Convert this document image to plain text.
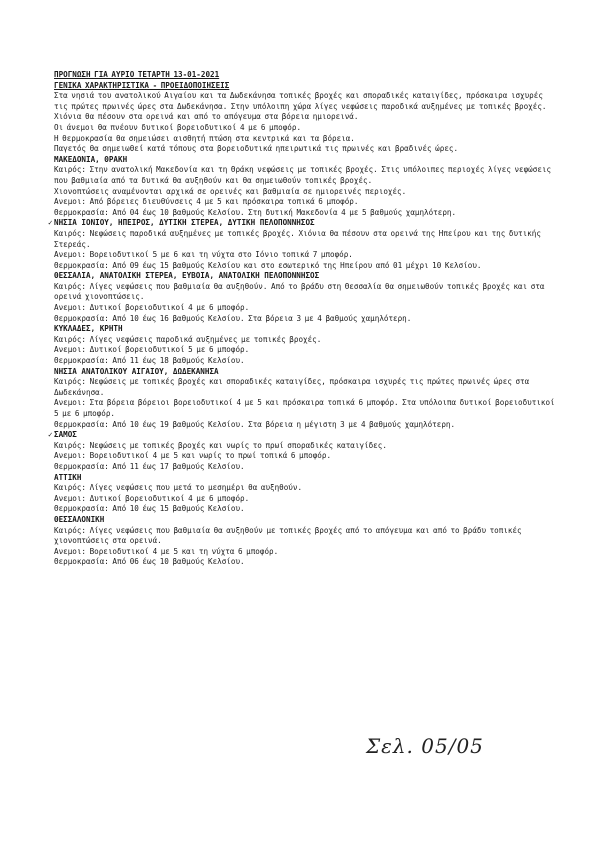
ΠΡΟΓΝΩΣΗ ΓΙΑ ΑΥΡΙΟ ΤΕΤΑΡΤΗ 13-01-2021
ΓΕΝΙΚΑ ΧΑΡΑΚΤΗΡΙΣΤΙΚΑ - ΠΡΟΕΙΔΟΠΟΙΗΣΕΙΣ
Στα νησιά του ανατολικού Αιγαίου και τα Δωδεκάνησα τοπικές βροχές και σποραδικές καταιγίδες, πρόσκαιρα ισχυρές τις πρώτες πρωινές ώρες στα Δωδεκάνησα. Στην υπόλοιπη χώρα λίγες νεφώσεις παροδικά αυξημένες με τοπικές βροχές.
Χιόνια θα πέσουν στα ορεινά και από το απόγευμα στα βόρεια ημιορεινά.
Οι άνεμοι θα πνέουν δυτικοί βορειοδυτικοί 4 με 6 μποφόρ.
Η θερμοκρασία θα σημειώσει αισθητή πτώση στα κεντρικά και τα βόρεια.
Παγετός θα σημειωθεί κατά τόπους στα βορειοδυτικά ηπειρωτικά τις πρωινές και βραδινές ώρες.
ΜΑΚΕΔΟΝΙΑ, ΘΡΑΚΗ
Καιρός: Στην ανατολική Μακεδονία και τη Θράκη νεφώσεις με τοπικές βροχές. Στις υπόλοιπες περιοχές λίγες νεφώσεις που βαθμιαία από τα δυτικά θα αυξηθούν και θα σημειωθούν τοπικές βροχές.
Χιονοπτώσεις αναμένονται αρχικά σε ορεινές και βαθμιαία σε ημιορεινές περιοχές.
Ανεμοι: Από βόρειες διευθύνσεις 4 με 5 και πρόσκαιρα τοπικά 6 μποφόρ.
Θερμοκρασία: Από 04 έως 10 βαθμούς Κελσίου. Στη δυτική Μακεδονία 4 με 5 βαθμούς χαμηλότερη.
✓ ΝΗΣΙΑ ΙΟΝΙΟΥ, ΗΠΕΙΡΟΣ, ΔΥΤΙΚΗ ΣΤΕΡΕΑ, ΔΥΤΙΚΗ ΠΕΛΟΠΟΝΝΗΣΟΣ
Καιρός: Νεφώσεις παροδικά αυξημένες με τοπικές βροχές. Χιόνια θα πέσουν στα ορεινά της Ηπείρου και της δυτικής Στερεάς.
Ανεμοι: Βορειοδυτικοί 5 με 6 και τη νύχτα στο Ιόνιο τοπικά 7 μποφόρ.
Θερμοκρασία: Από 09 έως 15 βαθμούς Κελσίου και στο εσωτερικό της Ηπείρου από 01 μέχρι 10 Κελσίου.
ΘΕΣΣΑΛΙΑ, ΑΝΑΤΟΛΙΚΗ ΣΤΕΡΕΑ, ΕΥΒΟΙΑ, ΑΝΑΤΟΛΙΚΗ ΠΕΛΟΠΟΝΝΗΣΟΣ
Καιρός: Λίγες νεφώσεις που βαθμιαία θα αυξηθούν. Από το βράδυ στη Θεσσαλία θα σημειωθούν τοπικές βροχές και στα ορεινά χιονοπτώσεις.
Ανεμοι: Δυτικοί βορειοδυτικοί 4 με 6 μποφόρ.
Θερμοκρασία: Από 10 έως 16 βαθμούς Κελσίου. Στα βόρεια 3 με 4 βαθμούς χαμηλότερη.
ΚΥΚΛΑΔΕΣ, ΚΡΗΤΗ
Καιρός: Λίγες νεφώσεις παροδικά αυξημένες με τοπικές βροχές.
Ανεμοι: Δυτικοί βορειοδυτικοί 5 με 6 μποφόρ.
Θερμοκρασία: Από 11 έως 18 βαθμούς Κελσίου.
ΝΗΣΙΑ ΑΝΑΤΟΛΙΚΟΥ ΑΙΓΑΙΟΥ, ΔΩΔΕΚΑΝΗΣΑ
Καιρός: Νεφώσεις με τοπικές βροχές και σποραδικές καταιγίδες, πρόσκαιρα ισχυρές τις πρώτες πρωινές ώρες στα Δωδεκάνησα.
Ανεμοι: Στα βόρεια βόρειοι βορειοδυτικοί 4 με 5 και πρόσκαιρα τοπικά 6 μποφόρ. Στα υπόλοιπα δυτικοί βορειοδυτικοί 5 με 6 μποφόρ.
Θερμοκρασία: Από 10 έως 19 βαθμούς Κελσίου. Στα βόρεια η μέγιστη 3 με 4 βαθμούς χαμηλότερη.
✓ ΣΑΜΟΣ
Καιρός: Νεφώσεις με τοπικές βροχές και νωρίς το πρωί σποραδικές καταιγίδες.
Ανεμοι: Βορειοδυτικοί 4 με 5 και νωρίς το πρωί τοπικά 6 μποφόρ.
Θερμοκρασία: Από 11 έως 17 βαθμούς Κελσίου.
ΑΤΤΙΚΗ
Καιρός: Λίγες νεφώσεις που μετά το μεσημέρι θα αυξηθούν.
Ανεμοι: Δυτικοί βορειοδυτικοί 4 με 6 μποφόρ.
Θερμοκρασία: Από 10 έως 15 βαθμούς Κελσίου.
ΘΕΣΣΑΛΟΝΙΚΗ
Καιρός: Λίγες νεφώσεις που βαθμιαία θα αυξηθούν με τοπικές βροχές από το απόγευμα και από το βράδυ τοπικές χιονοπτώσεις στα ορεινά.
Ανεμοι: Βορειοδυτικοί 4 με 5 και τη νύχτα 6 μποφόρ.
Θερμοκρασία: Από 06 έως 10 βαθμούς Κελσίου.
Σελ. 05/05
